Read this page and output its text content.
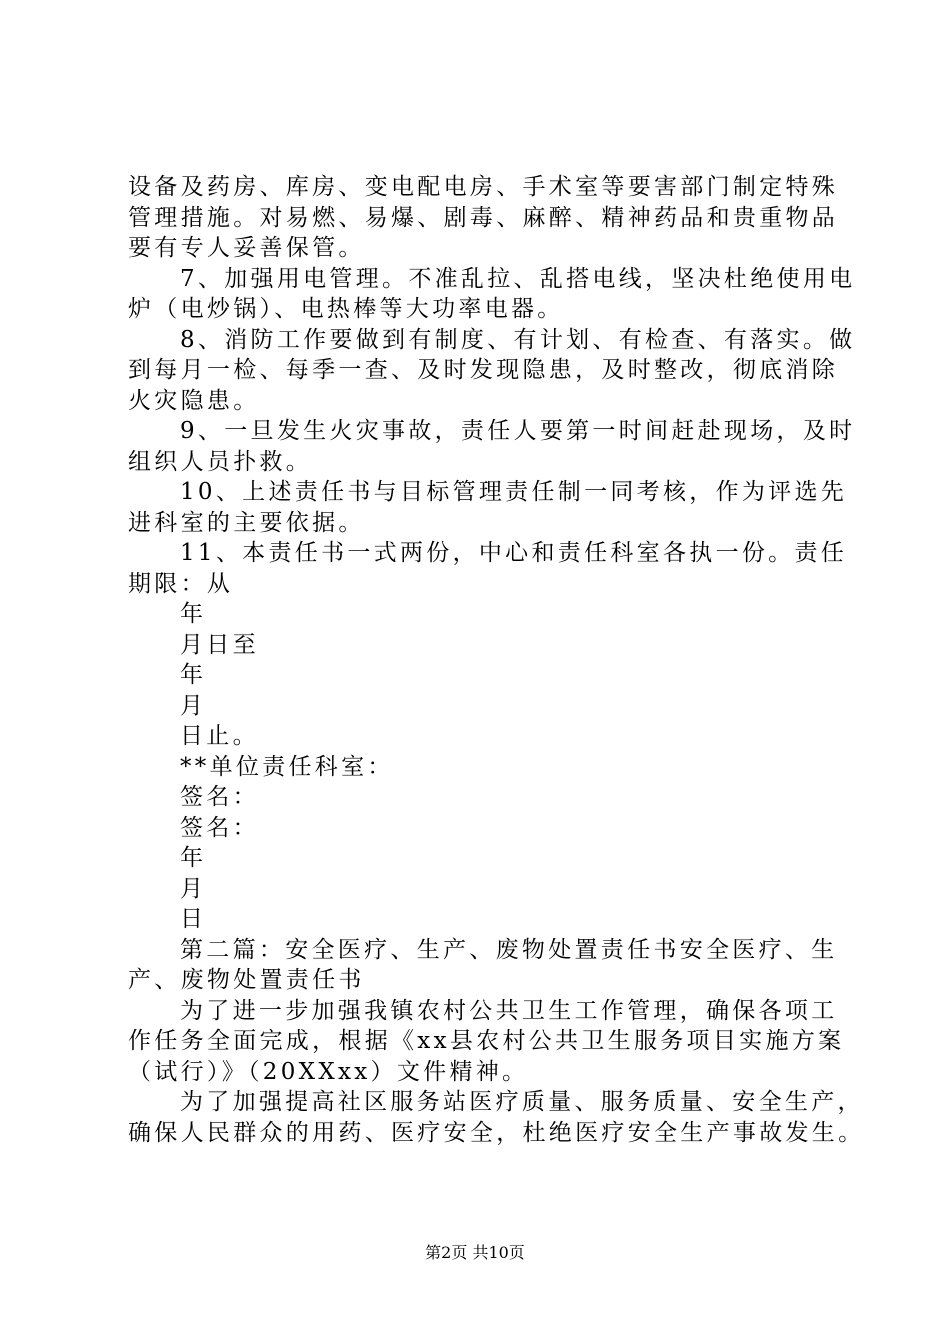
设备及药房、库房、变电配电房、手术室等要害部门制定特殊
管理措施。对易燃、易爆、剧毒、麻醉、精神药品和贵重物品
要有专人妥善保管。
7、加强用电管理。不准乱拉、乱搭电线，坚决杜绝使用电
炉（电炒锅）、电热棒等大功率电器。
8、消防工作要做到有制度、有计划、有检查、有落实。做
到每月一检、每季一查、及时发现隐患，及时整改，彻底消除
火灾隐患。
9、一旦发生火灾事故，责任人要第一时间赶赴现场，及时
组织人员扑救。
10、上述责任书与目标管理责任制一同考核，作为评选先
进科室的主要依据。
11、本责任书一式两份，中心和责任科室各执一份。责任
期限：从
年
月日至
年
月
日止。
**单位责任科室：
签名：
签名：
年
月
日
第二篇：安全医疗、生产、废物处置责任书安全医疗、生
产、废物处置责任书
为了进一步加强我镇农村公共卫生工作管理，确保各项工
作任务全面完成，根据《xx县农村公共卫生服务项目实施方案
（试行）》（20XXxx）文件精神。
为了加强提高社区服务站医疗质量、服务质量、安全生产，
确保人民群众的用药、医疗安全，杜绝医疗安全生产事故发生。
第2页 共10页
